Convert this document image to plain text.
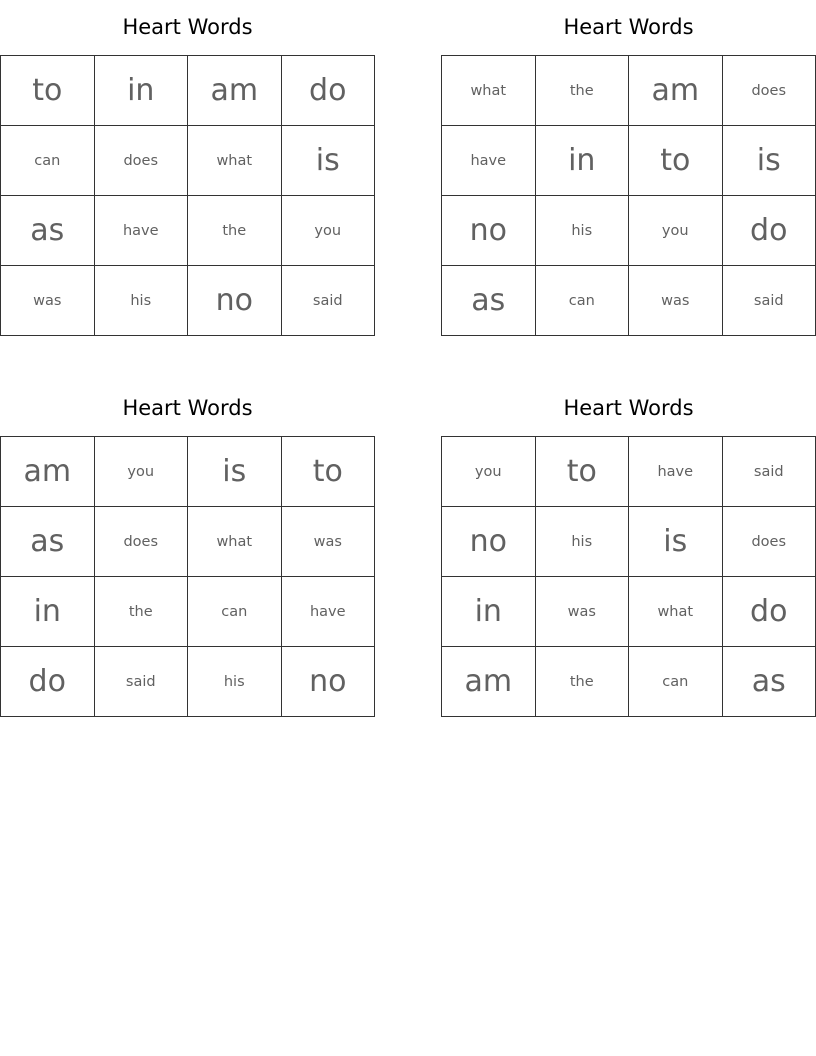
Heart Words
to	in	am	do
can	does	what	is
as	have	the	you
was	his	no	said
Heart Words
what	the	am	does
have	in	to	is
no	his	you	do
as	can	was	said
Heart Words
am	you	is	to
as	does	what	was
in	the	can	have
do	said	his	no
Heart Words
you	to	have	said
no	his	is	does
in	was	what	do
am	the	can	as
